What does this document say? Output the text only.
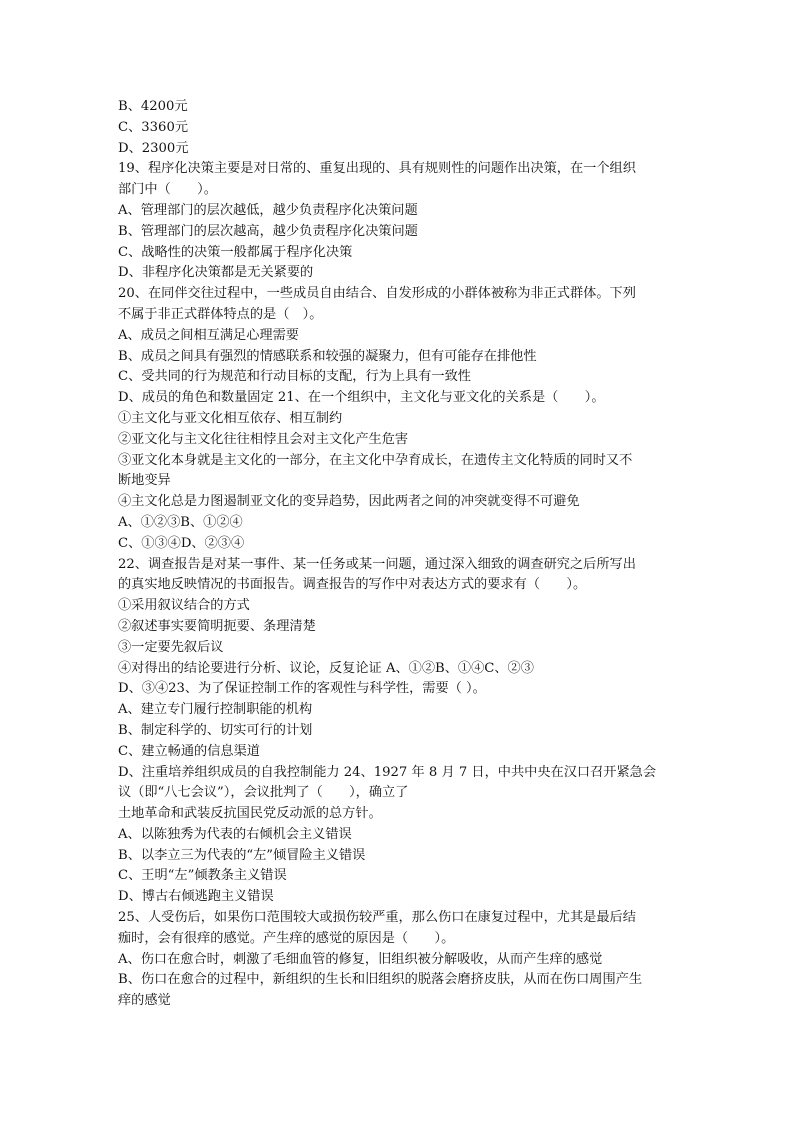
B、4200元
C、3360元
D、2300元
19、程序化决策主要是对日常的、重复出现的、具有规则性的问题作出决策，在一个组织
部门中（　　）。
A、管理部门的层次越低，越少负责程序化决策问题
B、管理部门的层次越高，越少负责程序化决策问题
C、战略性的决策一般都属于程序化决策
D、非程序化决策都是无关紧要的
20、在同伴交往过程中，一些成员自由结合、自发形成的小群体被称为非正式群体。下列
不属于非正式群体特点的是（　）。
A、成员之间相互满足心理需要
B、成员之间具有强烈的情感联系和较强的凝聚力，但有可能存在排他性
C、受共同的行为规范和行动目标的支配，行为上具有一致性
D、成员的角色和数量固定 21、在一个组织中，主文化与亚文化的关系是（　　）。
①主文化与亚文化相互依存、相互制约
②亚文化与主文化往往相悖且会对主文化产生危害
③亚文化本身就是主文化的一部分，在主文化中孕育成长，在遗传主文化特质的同时又不
断地变异
④主文化总是力图遏制亚文化的变异趋势，因此两者之间的冲突就变得不可避免
A、①②③B、①②④
C、①③④D、②③④
22、调查报告是对某一事件、某一任务或某一问题，通过深入细致的调查研究之后所写出
的真实地反映情况的书面报告。调查报告的写作中对表达方式的要求有（　　）。
①采用叙议结合的方式
②叙述事实要简明扼要、条理清楚
③一定要先叙后议
④对得出的结论要进行分析、议论，反复论证 A、①②B、①④C、②③
D、③④23、为了保证控制工作的客观性与科学性，需要（ ）。
A、建立专门履行控制职能的机构
B、制定科学的、切实可行的计划
C、建立畅通的信息渠道
D、注重培养组织成员的自我控制能力 24、1927 年 8 月 7 日，中共中央在汉口召开紧急会
议（即“八七会议”），会议批判了（　　），确立了
土地革命和武装反抗国民党反动派的总方针。
A、以陈独秀为代表的右倾机会主义错误
B、以李立三为代表的“左”倾冒险主义错误
C、王明“左”倾教条主义错误
D、博古右倾逃跑主义错误
25、人受伤后，如果伤口范围较大或损伤较严重，那么伤口在康复过程中，尤其是最后结
痂时，会有很痒的感觉。产生痒的感觉的原因是（　　）。
A、伤口在愈合时，刺激了毛细血管的修复，旧组织被分解吸收，从而产生痒的感觉
B、伤口在愈合的过程中，新组织的生长和旧组织的脱落会磨挤皮肤，从而在伤口周围产生
痒的感觉
